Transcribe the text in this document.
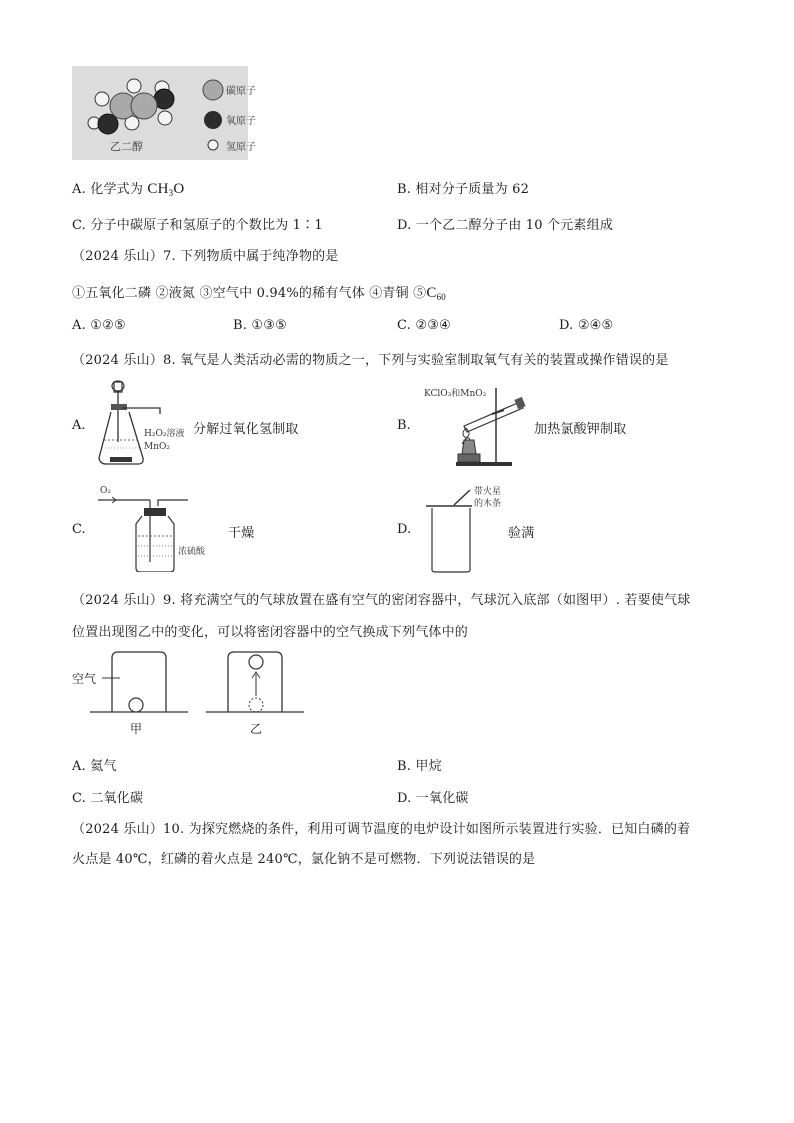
乙二醇
碳原子
氧原子
氢原子
A. 化学式为 $CH_3O$	B. 相对分子质量为 62
C. 分子中碳原子和氢原子的个数比为 1∶1	D. 一个乙二醇分子由 10 个元素组成
（2024 乐山）7. 下列物质中属于纯净物的是
①五氧化二磷 ②液氮 ③空气中 0.94%的稀有气体 ④青铜 $⑤C_{60}$
A. ①②⑤	B. ①③⑤	C. ②③④	D. ②④⑤
（2024 乐山）8. 氧气是人类活动必需的物质之一，下列与实验室制取氧气有关的装置或操作错误的是
A.
H₂O₂溶液
MnO₂
分解过氧化氢制取	B.
KClO₃和MnO₂
加热氯酸钾制取
C.
O₂
浓硫酸
干燥	D.
带火星
的木条
验满
（2024 乐山）9. 将充满空气的气球放置在盛有空气的密闭容器中，气球沉入底部（如图甲）. 若要使气球
位置出现图乙中的变化，可以将密闭容器中的空气换成下列气体中的
空气
甲	乙
A. 氦气	B. 甲烷
C. 二氧化碳	D. 一氧化碳
（2024 乐山）10. 为探究燃烧的条件，利用可调节温度的电炉设计如图所示装置进行实验．已知白磷的着
火点是 40℃，红磷的着火点是 240℃，氯化钠不是可燃物．下列说法错误的是
